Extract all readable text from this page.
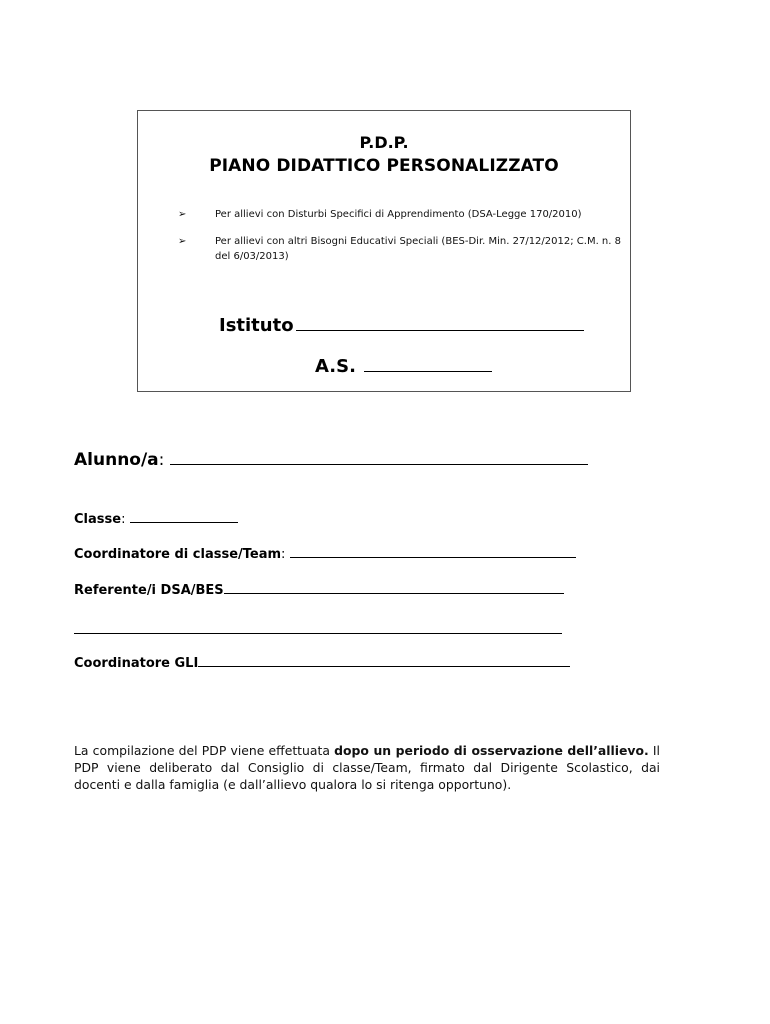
P.D.P.
PIANO DIDATTICO PERSONALIZZATO
➢	Per allievi con Disturbi Specifici di Apprendimento (DSA-Legge 170/2010)
➢	Per allievi con altri Bisogni Educativi Speciali (BES-Dir. Min. 27/12/2012; C.M. n. 8 del 6/03/2013)
Istituto
A.S.
Alunno/a:
Classe:
Coordinatore di classe/Team:
Referente/i DSA/BES
Coordinatore GLI
La compilazione del PDP viene effettuata dopo un periodo di osservazione dell’allievo. Il PDP viene deliberato dal Consiglio di classe/Team, firmato dal Dirigente Scolastico, dai docenti e dalla famiglia (e dall’allievo qualora lo si ritenga opportuno).
